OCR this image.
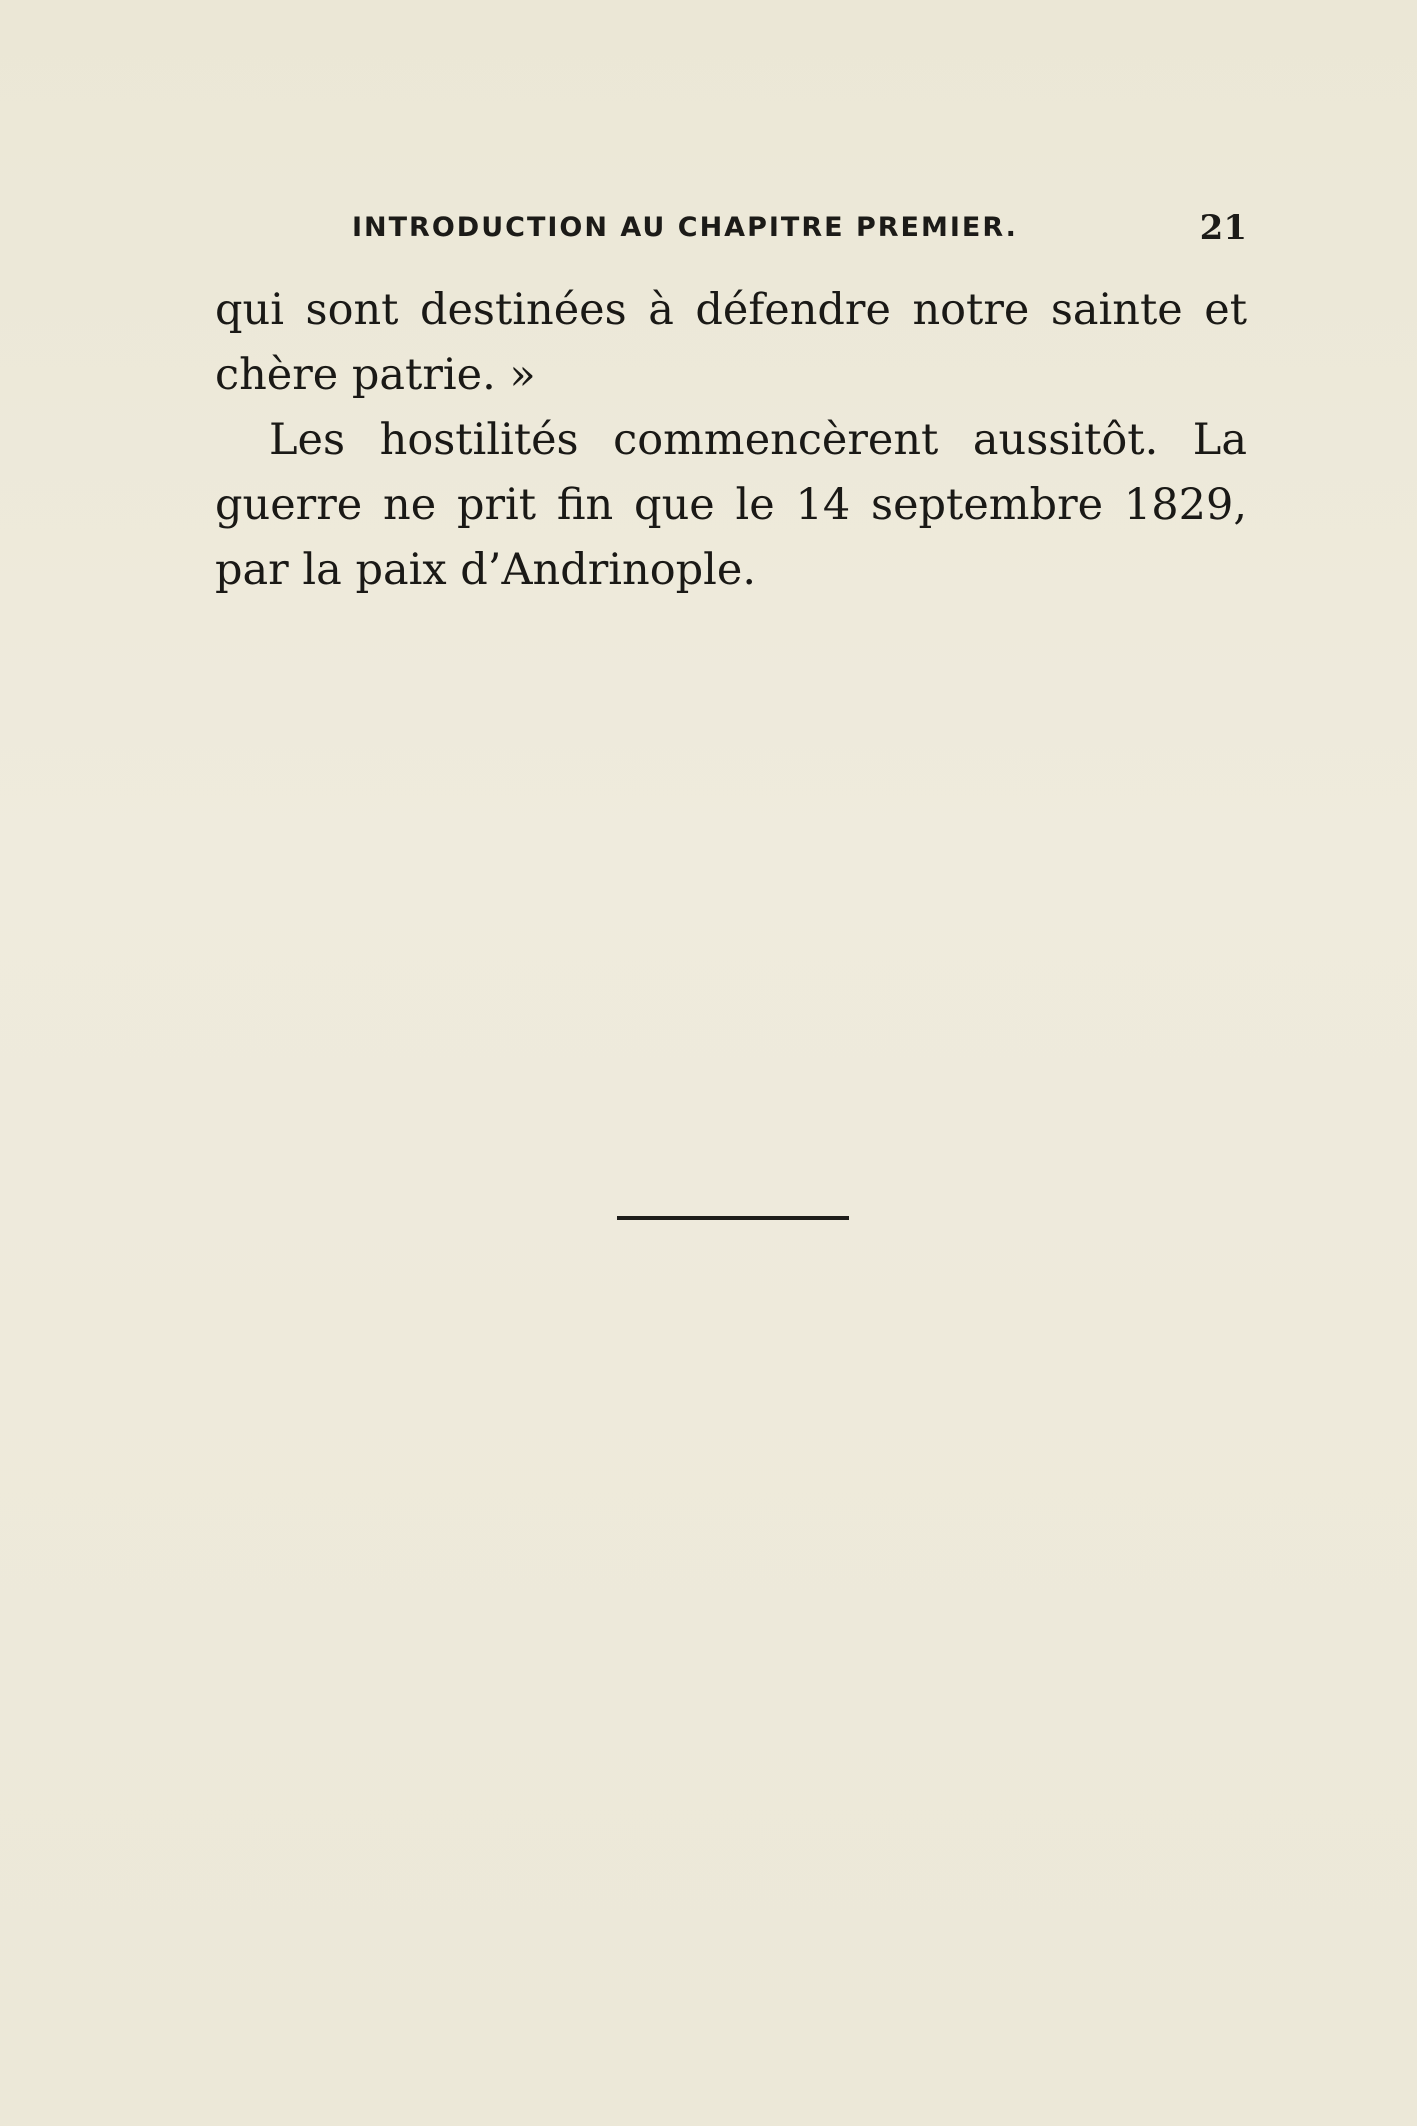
INTRODUCTION AU CHAPITRE PREMIER.	21
qui sont destinées à défendre notre sainte et
chère patrie. »
Les hostilités commencèrent aussitôt. La
guerre ne prit fin que le 14 septembre 1829,
par la paix d’Andrinople.
